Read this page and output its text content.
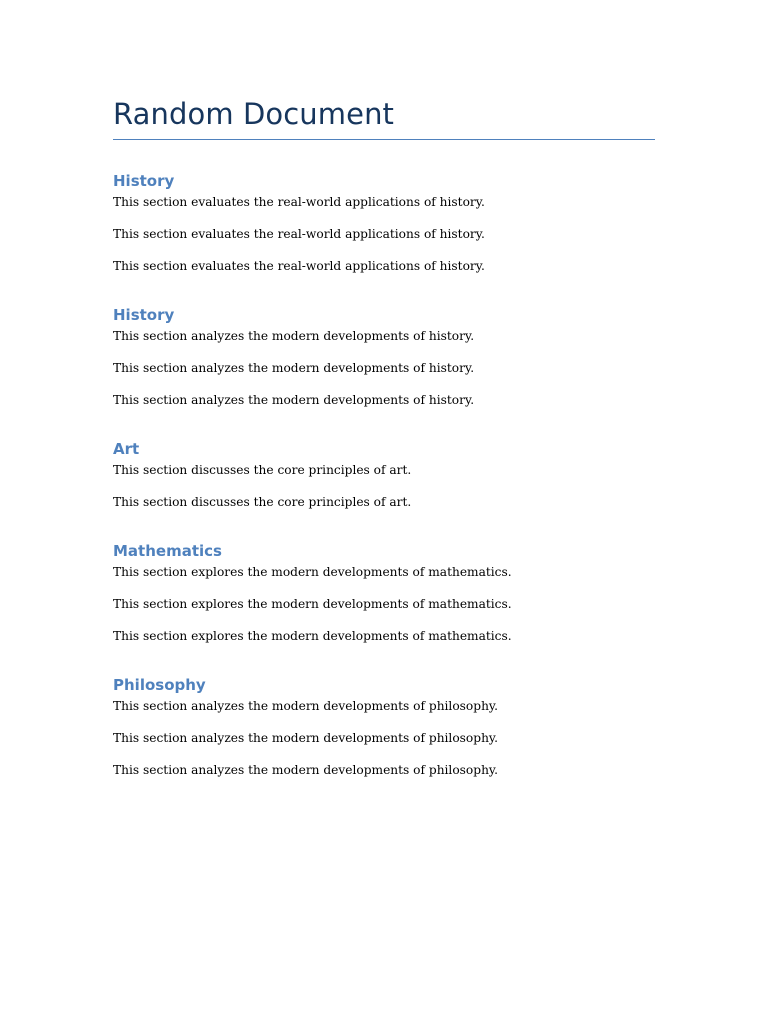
Random Document
History

This section evaluates the real-world applications of history.

This section evaluates the real-world applications of history.

This section evaluates the real-world applications of history.

History

This section analyzes the modern developments of history.

This section analyzes the modern developments of history.

This section analyzes the modern developments of history.

Art

This section discusses the core principles of art.

This section discusses the core principles of art.

Mathematics

This section explores the modern developments of mathematics.

This section explores the modern developments of mathematics.

This section explores the modern developments of mathematics.

Philosophy

This section analyzes the modern developments of philosophy.

This section analyzes the modern developments of philosophy.

This section analyzes the modern developments of philosophy.
